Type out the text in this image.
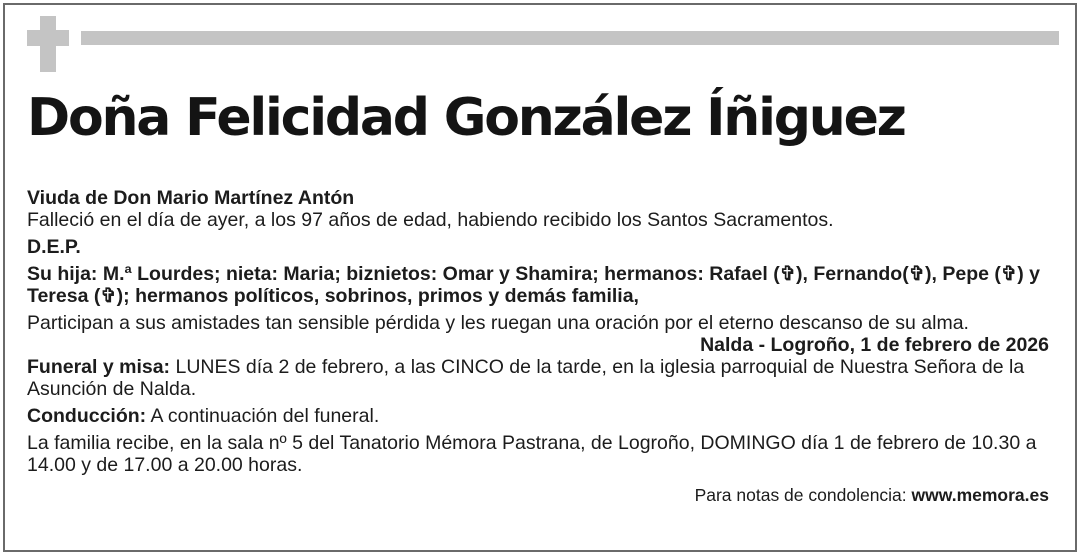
Doña Felicidad González Íñiguez

Viuda de Don Mario Martínez Antón

Falleció en el día de ayer, a los 97 años de edad, habiendo recibido los Santos Sacramentos.

D.E.P.

Su hija: M.ª Lourdes; nieta: Maria; biznietos: Omar y Shamira; hermanos: Rafael (✞), Fernando(✞), Pepe (✞) y Teresa (✞); hermanos políticos, sobrinos, primos y demás familia,

Participan a sus amistades tan sensible pérdida y les ruegan una oración por el eterno descanso de su alma.

Nalda - Logroño, 1 de febrero de 2026

Funeral y misa: LUNES día 2 de febrero, a las CINCO de la tarde, en la iglesia parroquial de Nuestra Señora de la Asunción de Nalda.

Conducción: A continuación del funeral.

La familia recibe, en la sala nº 5 del Tanatorio Mémora Pastrana, de Logroño, DOMINGO día 1 de febrero de 10.30 a 14.00 y de 17.00 a 20.00 horas.

Para notas de condolencia: www.memora.es
